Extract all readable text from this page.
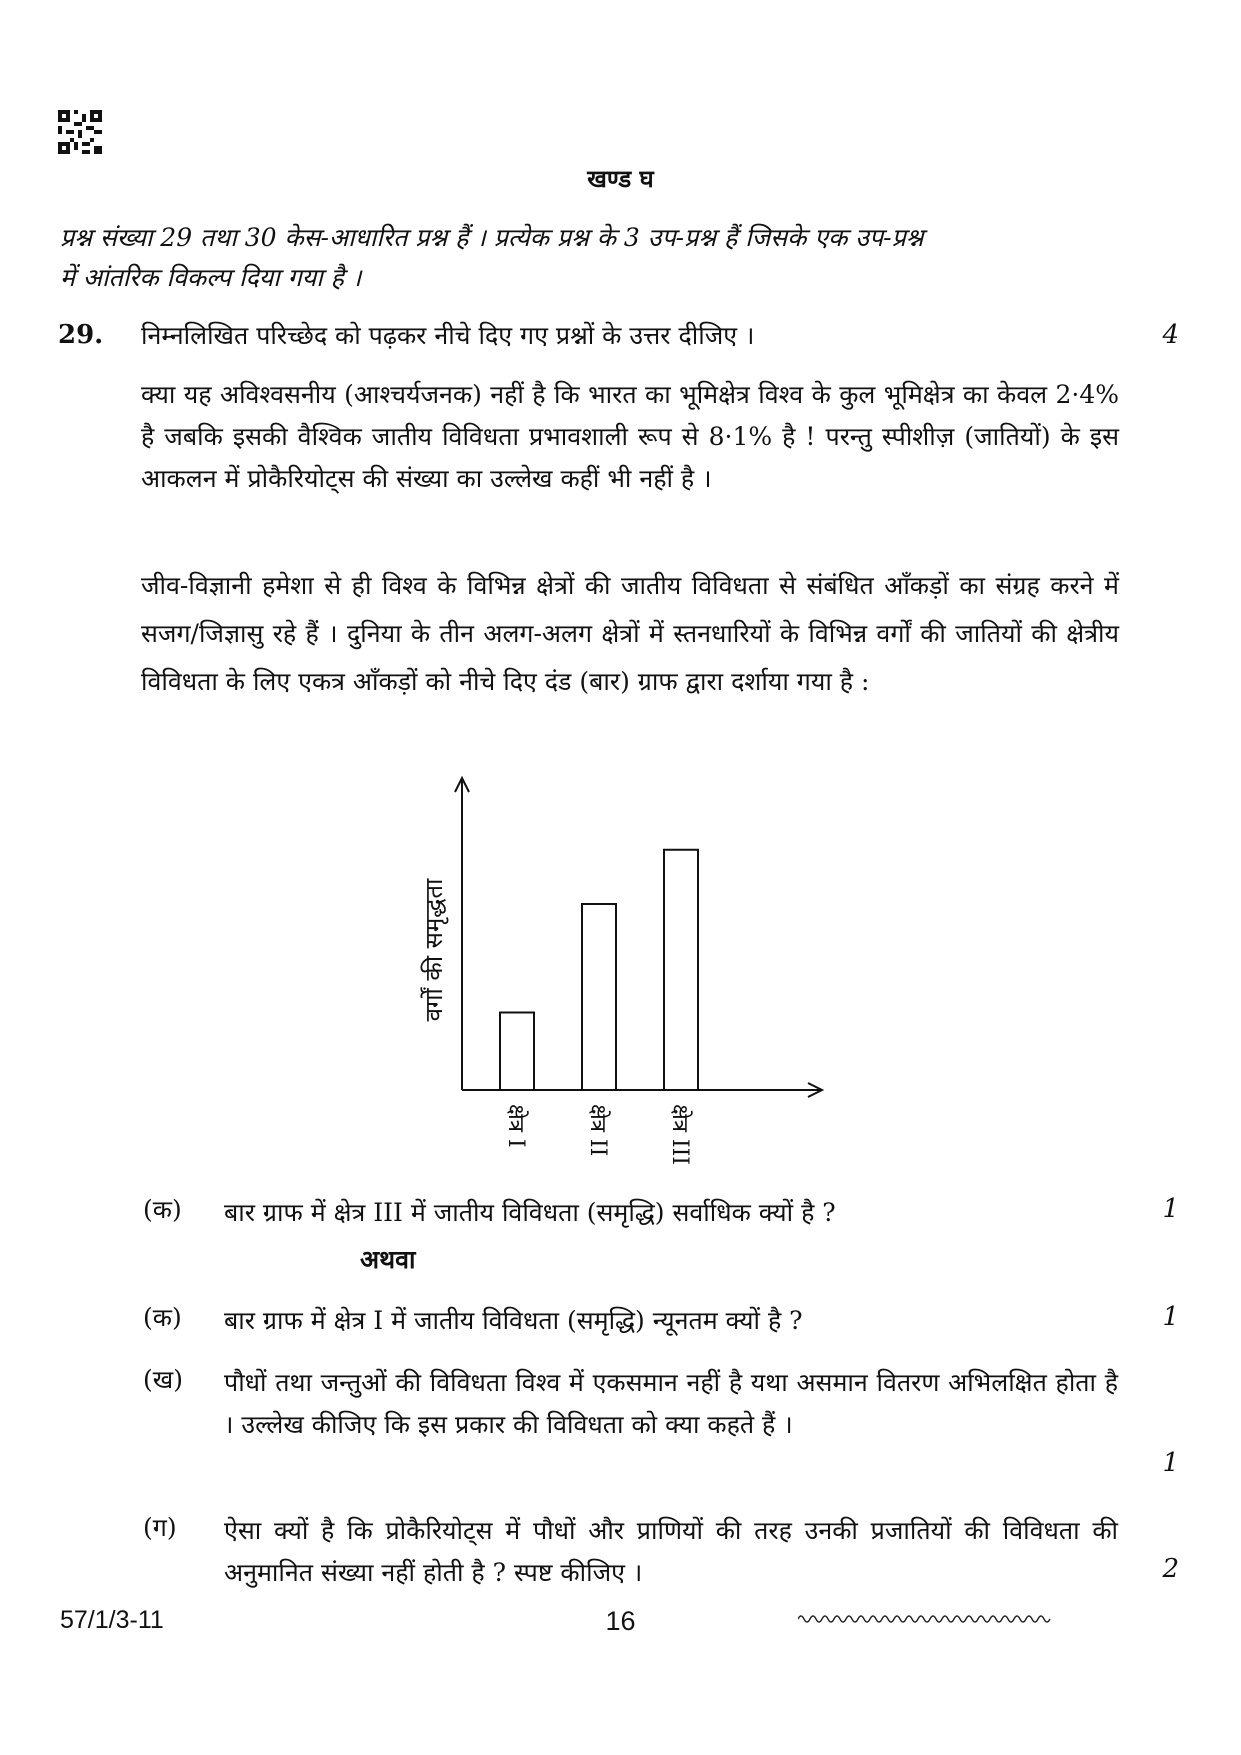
खण्ड घ
प्रश्न संख्या 29 तथा 30 केस-आधारित प्रश्न हैं । प्रत्येक प्रश्न के 3 उप-प्रश्न हैं जिसके एक उप-प्रश्न
में आंतरिक विकल्प दिया गया है ।
29. निम्नलिखित परिच्छेद को पढ़कर नीचे दिए गए प्रश्नों के उत्तर दीजिए ।	4
क्या यह अविश्वसनीय (आश्चर्यजनक) नहीं है कि भारत का भूमिक्षेत्र विश्व के कुल भूमिक्षेत्र का केवल 2·4% है जबकि इसकी वैश्विक जातीय विविधता प्रभावशाली रूप से 8·1% है ! परन्तु स्पीशीज़ (जातियों) के इस आकलन में प्रोकैरियोट्स की संख्या का उल्लेख कहीं भी नहीं है ।
जीव-विज्ञानी हमेशा से ही विश्व के विभिन्न क्षेत्रों की जातीय विविधता से संबंधित आँकड़ों का संग्रह करने में सजग/जिज्ञासु रहे हैं । दुनिया के तीन अलग-अलग क्षेत्रों में स्तनधारियों के विभिन्न वर्गों की जातियों की क्षेत्रीय विविधता के लिए एकत्र आँकड़ों को नीचे दिए दंड (बार) ग्राफ द्वारा दर्शाया गया है :
वर्गों की समृद्धता
क्षेत्र I	क्षेत्र II	क्षेत्र III
(क) बार ग्राफ में क्षेत्र III में जातीय विविधता (समृद्धि) सर्वाधिक क्यों है ?	1
अथवा
(क) बार ग्राफ में क्षेत्र I में जातीय विविधता (समृद्धि) न्यूनतम क्यों है ?	1
(ख) पौधों तथा जन्तुओं की विविधता विश्व में एकसमान नहीं है यथा असमान वितरण अभिलक्षित होता है । उल्लेख कीजिए कि इस प्रकार की विविधता को क्या कहते हैं ।
1
(ग) ऐसा क्यों है कि प्रोकैरियोट्स में पौधों और प्राणियों की तरह उनकी प्रजातियों की विविधता की अनुमानित संख्या नहीं होती है ? स्पष्ट कीजिए ।	2
57/1/3-11	16
